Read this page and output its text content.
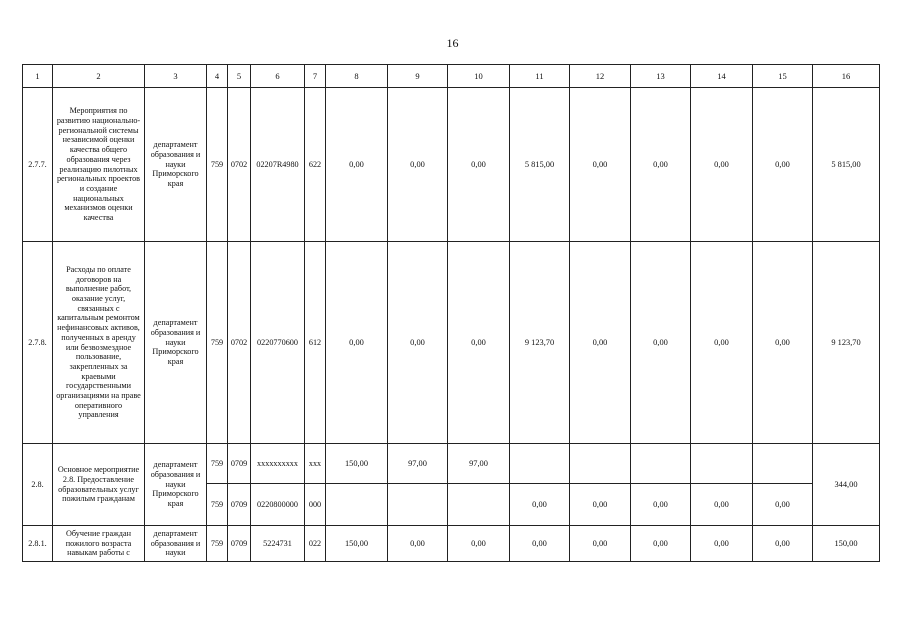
16
1	2	3	4	5	6	7	8	9	10	11	12	13	14	15	16
2.7.7.	Мероприятия по развитию национально-региональной системы независимой оценки качества общего образования через реализацию пилотных региональных проектов и создание национальных механизмов оценки качества	департамент образования и науки Приморского края	759	0702	02207R4980	622	0,00	0,00	0,00	5 815,00	0,00	0,00	0,00	0,00	5 815,00
2.7.8.	Расходы по оплате договоров на выполнение работ, оказание услуг, связанных с капитальным ремонтом нефинансовых активов, полученных в аренду или безвозмездное пользование, закрепленных за краевыми государственными организациями на праве оперативного управления	департамент образования и науки Приморского края	759	0702	0220770600	612	0,00	0,00	0,00	9 123,70	0,00	0,00	0,00	0,00	9 123,70
2.8.	Основное мероприятие 2.8. Предоставление образовательных услуг пожилым гражданам	департамент образования и науки Приморского края	759	0709	xxxxxxxxxx	xxx	150,00	97,00	97,00						344,00
			759	0709	0220800000	000				0,00	0,00	0,00	0,00	0,00	
2.8.1.	Обучение граждан пожилого возраста навыкам работы с	департамент образования и науки	759	0709	5224731	022	150,00	0,00	0,00	0,00	0,00	0,00	0,00	0,00	150,00
